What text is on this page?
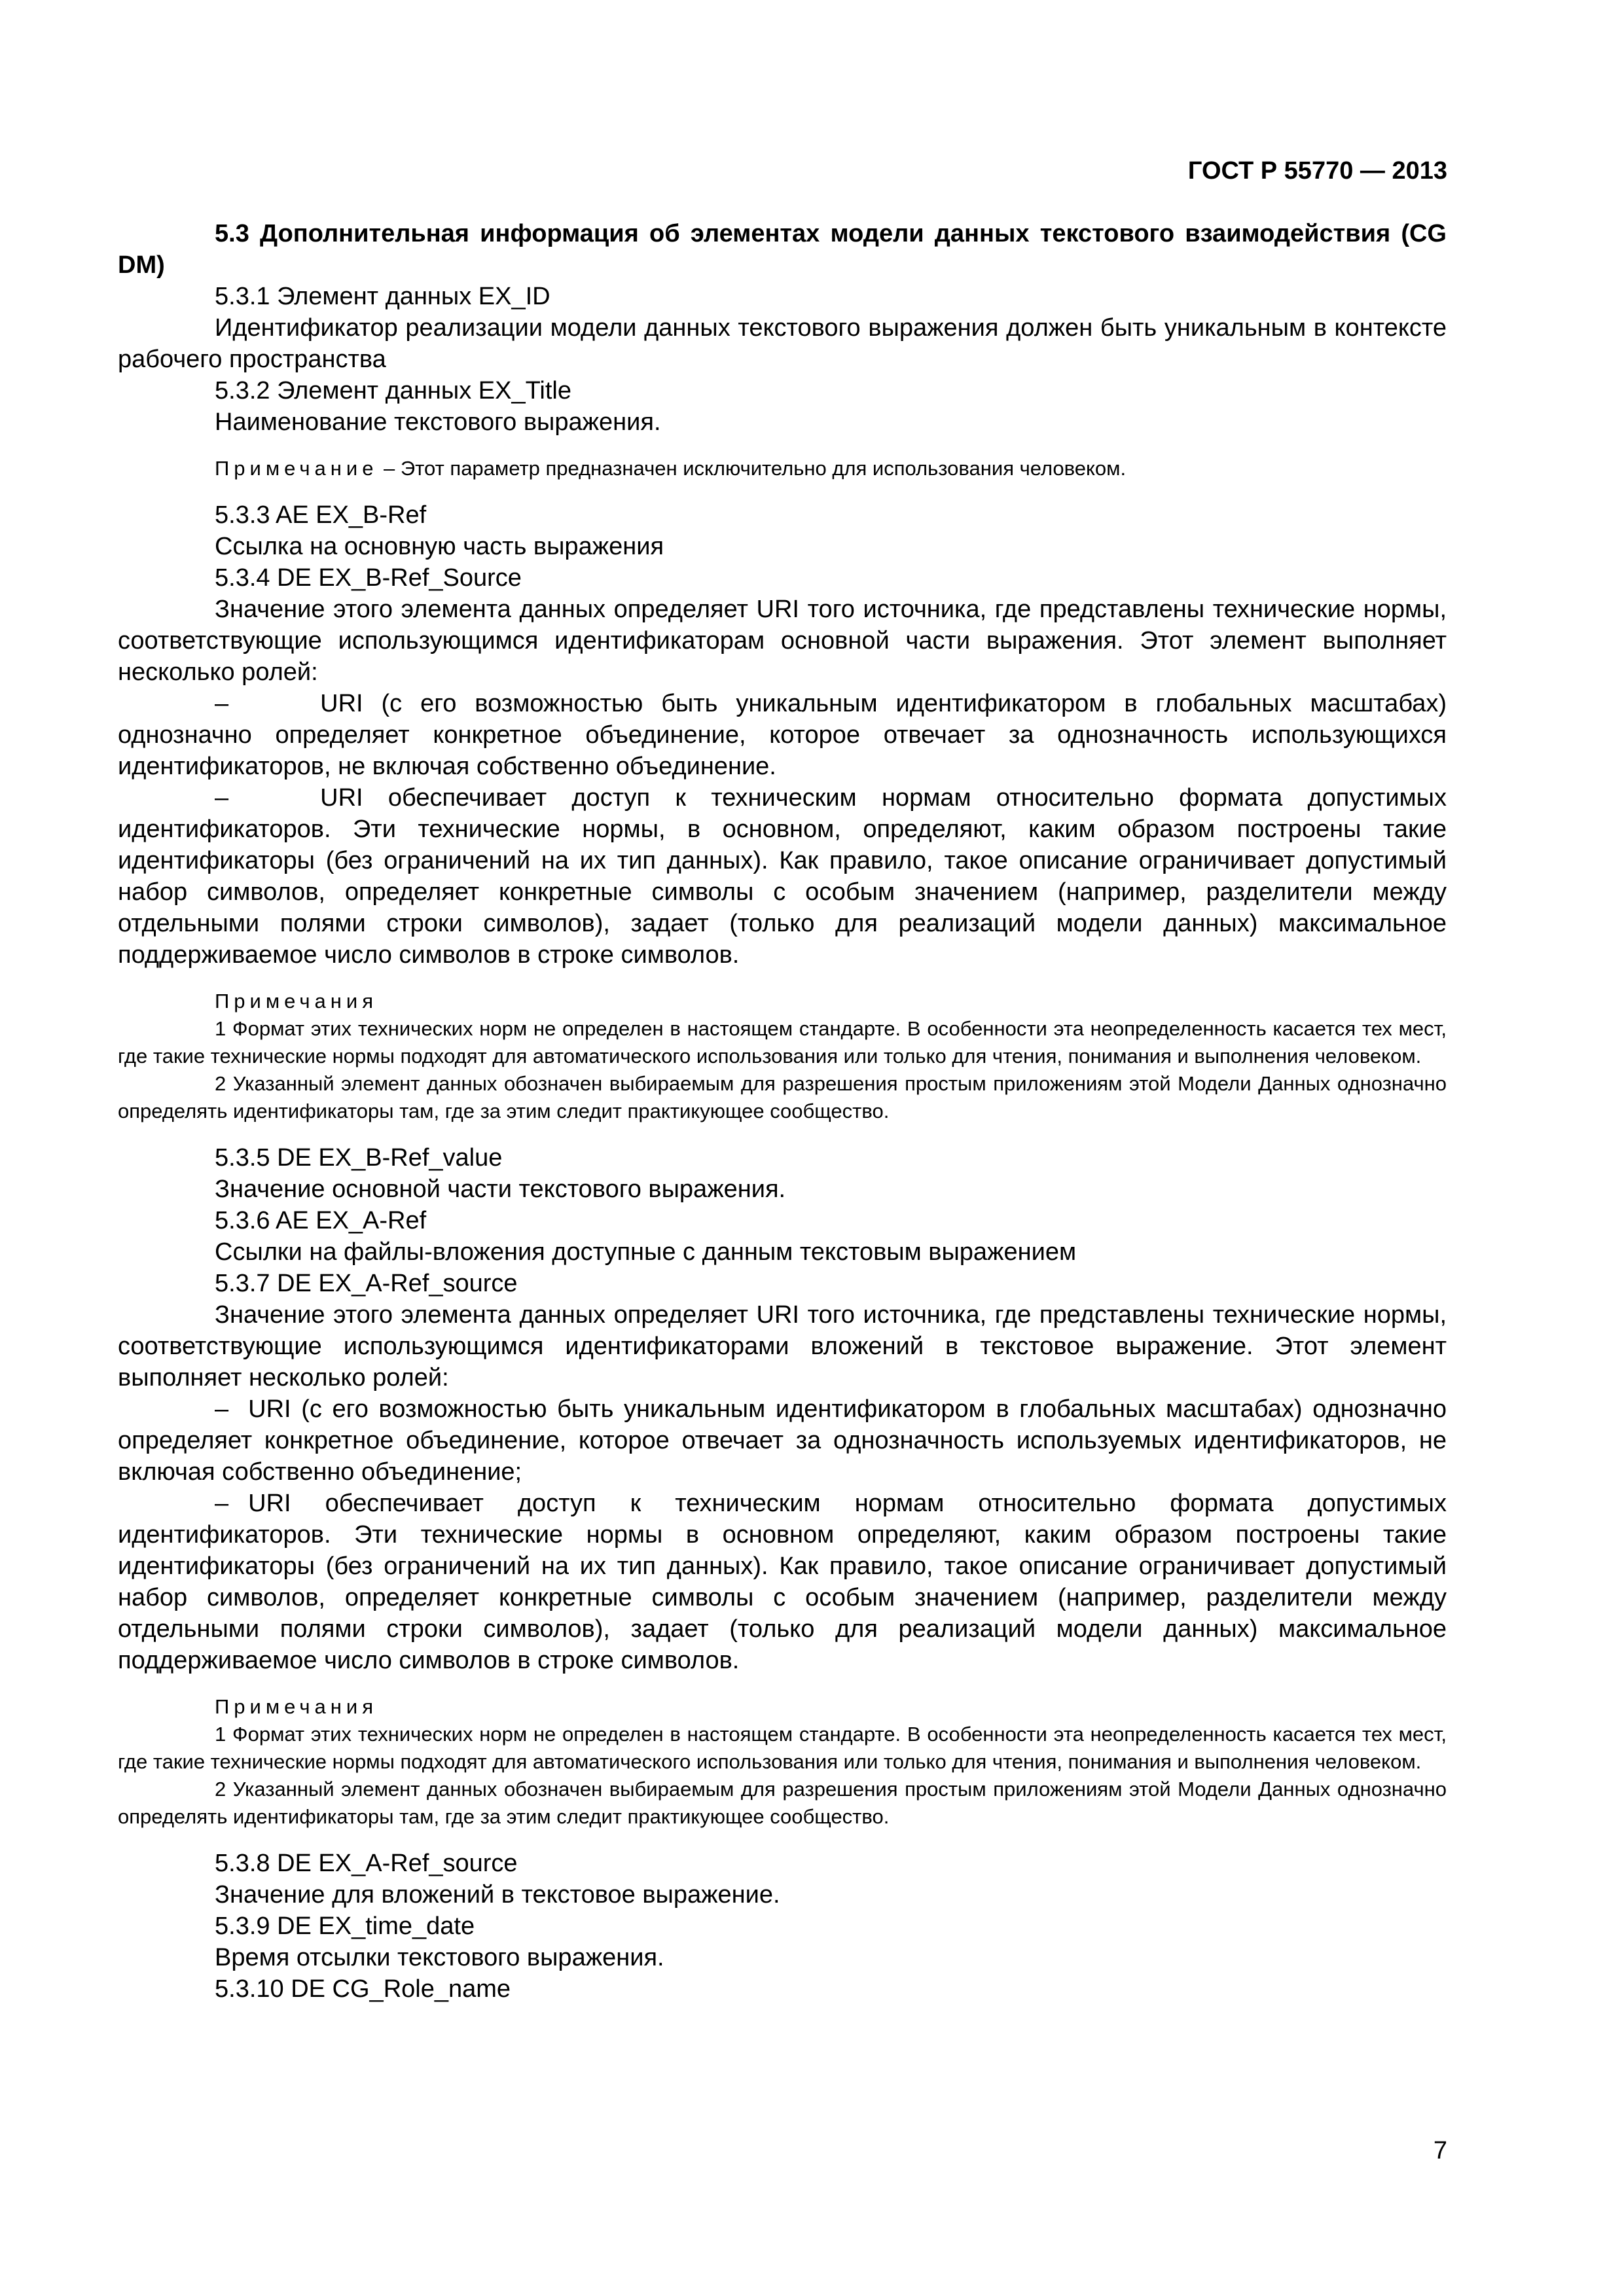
ГОСТ Р 55770 — 2013

5.3 Дополнительная информация об элементах модели данных текстового взаимодействия (CG DM)

5.3.1 Элемент данных EX_ID

Идентификатор реализации модели данных текстового выражения должен быть уникальным в контексте рабочего пространства

5.3.2 Элемент данных EX_Title

Наименование текстового выражения.

Примечание – Этот параметр предназначен исключительно для использования человеком.

5.3.3 AE EX_B-Ref

Ссылка на основную часть выражения

5.3.4 DE EX_B-Ref_Source

Значение этого элемента данных определяет URI того источника, где представлены технические нормы, соответствующие использующимся идентификаторам основной части выражения. Этот элемент выполняет несколько ролей:

–	URI (с его возможностью быть уникальным идентификатором в глобальных масштабах) однозначно определяет конкретное объединение, которое отвечает за однозначность использующихся идентификаторов, не включая собственно объединение.

–	URI обеспечивает доступ к техническим нормам относительно формата допустимых идентификаторов. Эти технические нормы, в основном, определяют, каким образом построены такие идентификаторы (без ограничений на их тип данных). Как правило, такое описание ограничивает допустимый набор символов, определяет конкретные символы с особым значением (например, разделители между отдельными полями строки символов), задает (только для реализаций модели данных) максимальное поддерживаемое число символов в строке символов.

Примечания

1 Формат этих технических норм не определен в настоящем стандарте. В особенности эта неопределенность касается тех мест, где такие технические нормы подходят для автоматического использования или только для чтения, понимания и выполнения человеком.

2 Указанный элемент данных обозначен выбираемым для разрешения простым приложениям этой Модели Данных однозначно определять идентификаторы там, где за этим следит практикующее сообщество.

5.3.5 DE EX_B-Ref_value

Значение основной части текстового выражения.

5.3.6 AE EX_A-Ref

Ссылки на файлы-вложения доступные с данным текстовым выражением

5.3.7 DE EX_A-Ref_source

Значение этого элемента данных определяет URI того источника, где представлены технические нормы, соответствующие использующимся идентификаторами вложений в текстовое выражение. Этот элемент выполняет несколько ролей:

– URI (с его возможностью быть уникальным идентификатором в глобальных масштабах) однозначно определяет конкретное объединение, которое отвечает за однозначность используемых идентификаторов, не включая собственно объединение;

– URI обеспечивает доступ к техническим нормам относительно формата допустимых идентификаторов. Эти технические нормы в основном определяют, каким образом построены такие идентификаторы (без ограничений на их тип данных). Как правило, такое описание ограничивает допустимый набор символов, определяет конкретные символы с особым значением (например, разделители между отдельными полями строки символов), задает (только для реализаций модели данных) максимальное поддерживаемое число символов в строке символов.

Примечания

1 Формат этих технических норм не определен в настоящем стандарте. В особенности эта неопределенность касается тех мест, где такие технические нормы подходят для автоматического использования или только для чтения, понимания и выполнения человеком.

2 Указанный элемент данных обозначен выбираемым для разрешения простым приложениям этой Модели Данных однозначно определять идентификаторы там, где за этим следит практикующее сообщество.

5.3.8 DE EX_A-Ref_source

Значение для вложений в текстовое выражение.

5.3.9 DE EX_time_date

Время отсылки текстового выражения.

5.3.10 DE CG_Role_name

7
